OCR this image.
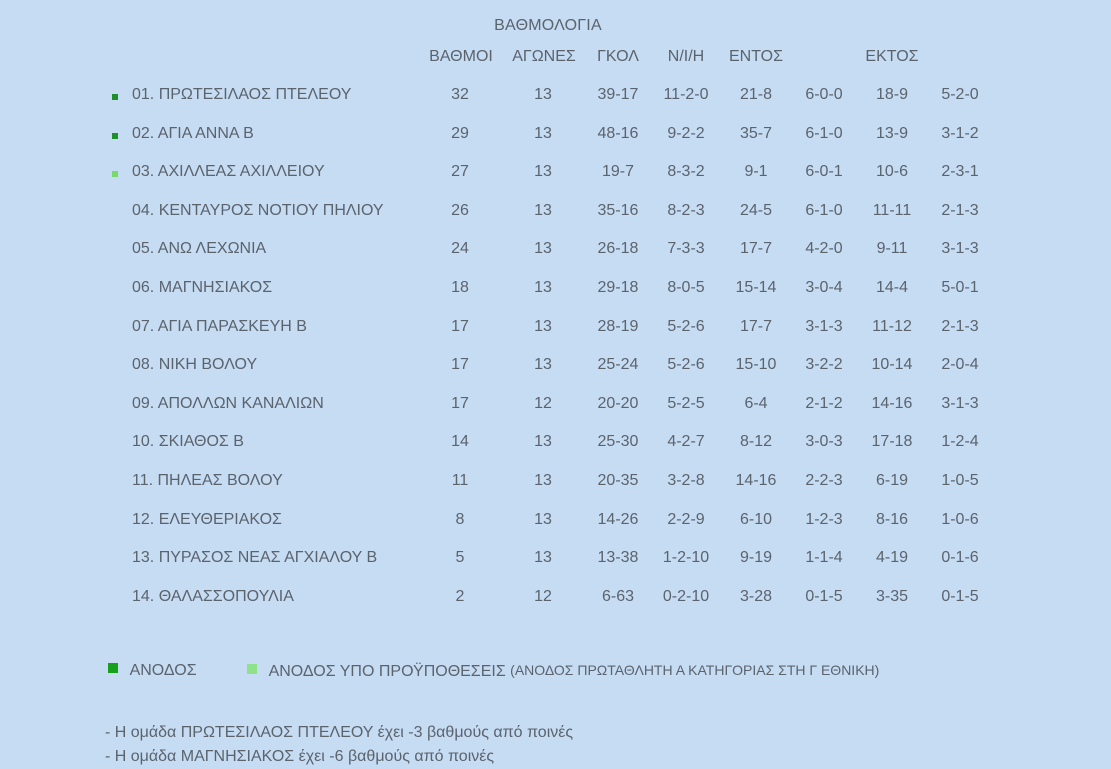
ΒΑΘΜΟΛΟΓΙΑ
ΒΑΘΜΟΙ	ΑΓΩΝΕΣ	ΓΚΟΛ	Ν/Ι/Η	ΕΝΤΟΣ	ΕΚΤΟΣ
01. ΠΡΩΤΕΣΙΛΑΟΣ ΠΤΕΛΕΟΥ	32	13	39-17	11-2-0	21-8	6-0-0	18-9	5-2-0
02. ΑΓΙΑ ΑΝΝΑ Β	29	13	48-16	9-2-2	35-7	6-1-0	13-9	3-1-2
03. ΑΧΙΛΛΕΑΣ ΑΧΙΛΛΕΙΟΥ	27	13	19-7	8-3-2	9-1	6-0-1	10-6	2-3-1
04. ΚΕΝΤΑΥΡΟΣ ΝΟΤΙΟΥ ΠΗΛΙΟΥ	26	13	35-16	8-2-3	24-5	6-1-0	11-11	2-1-3
05. ΑΝΩ ΛΕΧΩΝΙΑ	24	13	26-18	7-3-3	17-7	4-2-0	9-11	3-1-3
06. ΜΑΓΝΗΣΙΑΚΟΣ	18	13	29-18	8-0-5	15-14	3-0-4	14-4	5-0-1
07. ΑΓΙΑ ΠΑΡΑΣΚΕΥΗ Β	17	13	28-19	5-2-6	17-7	3-1-3	11-12	2-1-3
08. ΝΙΚΗ ΒΟΛΟΥ	17	13	25-24	5-2-6	15-10	3-2-2	10-14	2-0-4
09. ΑΠΟΛΛΩΝ ΚΑΝΑΛΙΩΝ	17	12	20-20	5-2-5	6-4	2-1-2	14-16	3-1-3
10. ΣΚΙΑΘΟΣ Β	14	13	25-30	4-2-7	8-12	3-0-3	17-18	1-2-4
11. ΠΗΛΕΑΣ ΒΟΛΟΥ	11	13	20-35	3-2-8	14-16	2-2-3	6-19	1-0-5
12. ΕΛΕΥΘΕΡΙΑΚΟΣ	8	13	14-26	2-2-9	6-10	1-2-3	8-16	1-0-6
13. ΠΥΡΑΣΟΣ ΝΕΑΣ ΑΓΧΙΑΛΟΥ Β	5	13	13-38	1-2-10	9-19	1-1-4	4-19	0-1-6
14. ΘΑΛΑΣΣΟΠΟΥΛΙΑ	2	12	6-63	0-2-10	3-28	0-1-5	3-35	0-1-5
ΑΝΟΔΟΣ	ΑΝΟΔΟΣ ΥΠΟ ΠΡΟΫΠΟΘΕΣΕΙΣ (ΑΝΟΔΟΣ ΠΡΩΤΑΘΛΗΤΗ Α ΚΑΤΗΓΟΡΙΑΣ ΣΤΗ Γ ΕΘΝΙΚΗ)
- Η ομάδα ΠΡΩΤΕΣΙΛΑΟΣ ΠΤΕΛΕΟΥ έχει -3 βαθμούς από ποινές
- Η ομάδα ΜΑΓΝΗΣΙΑΚΟΣ έχει -6 βαθμούς από ποινές
